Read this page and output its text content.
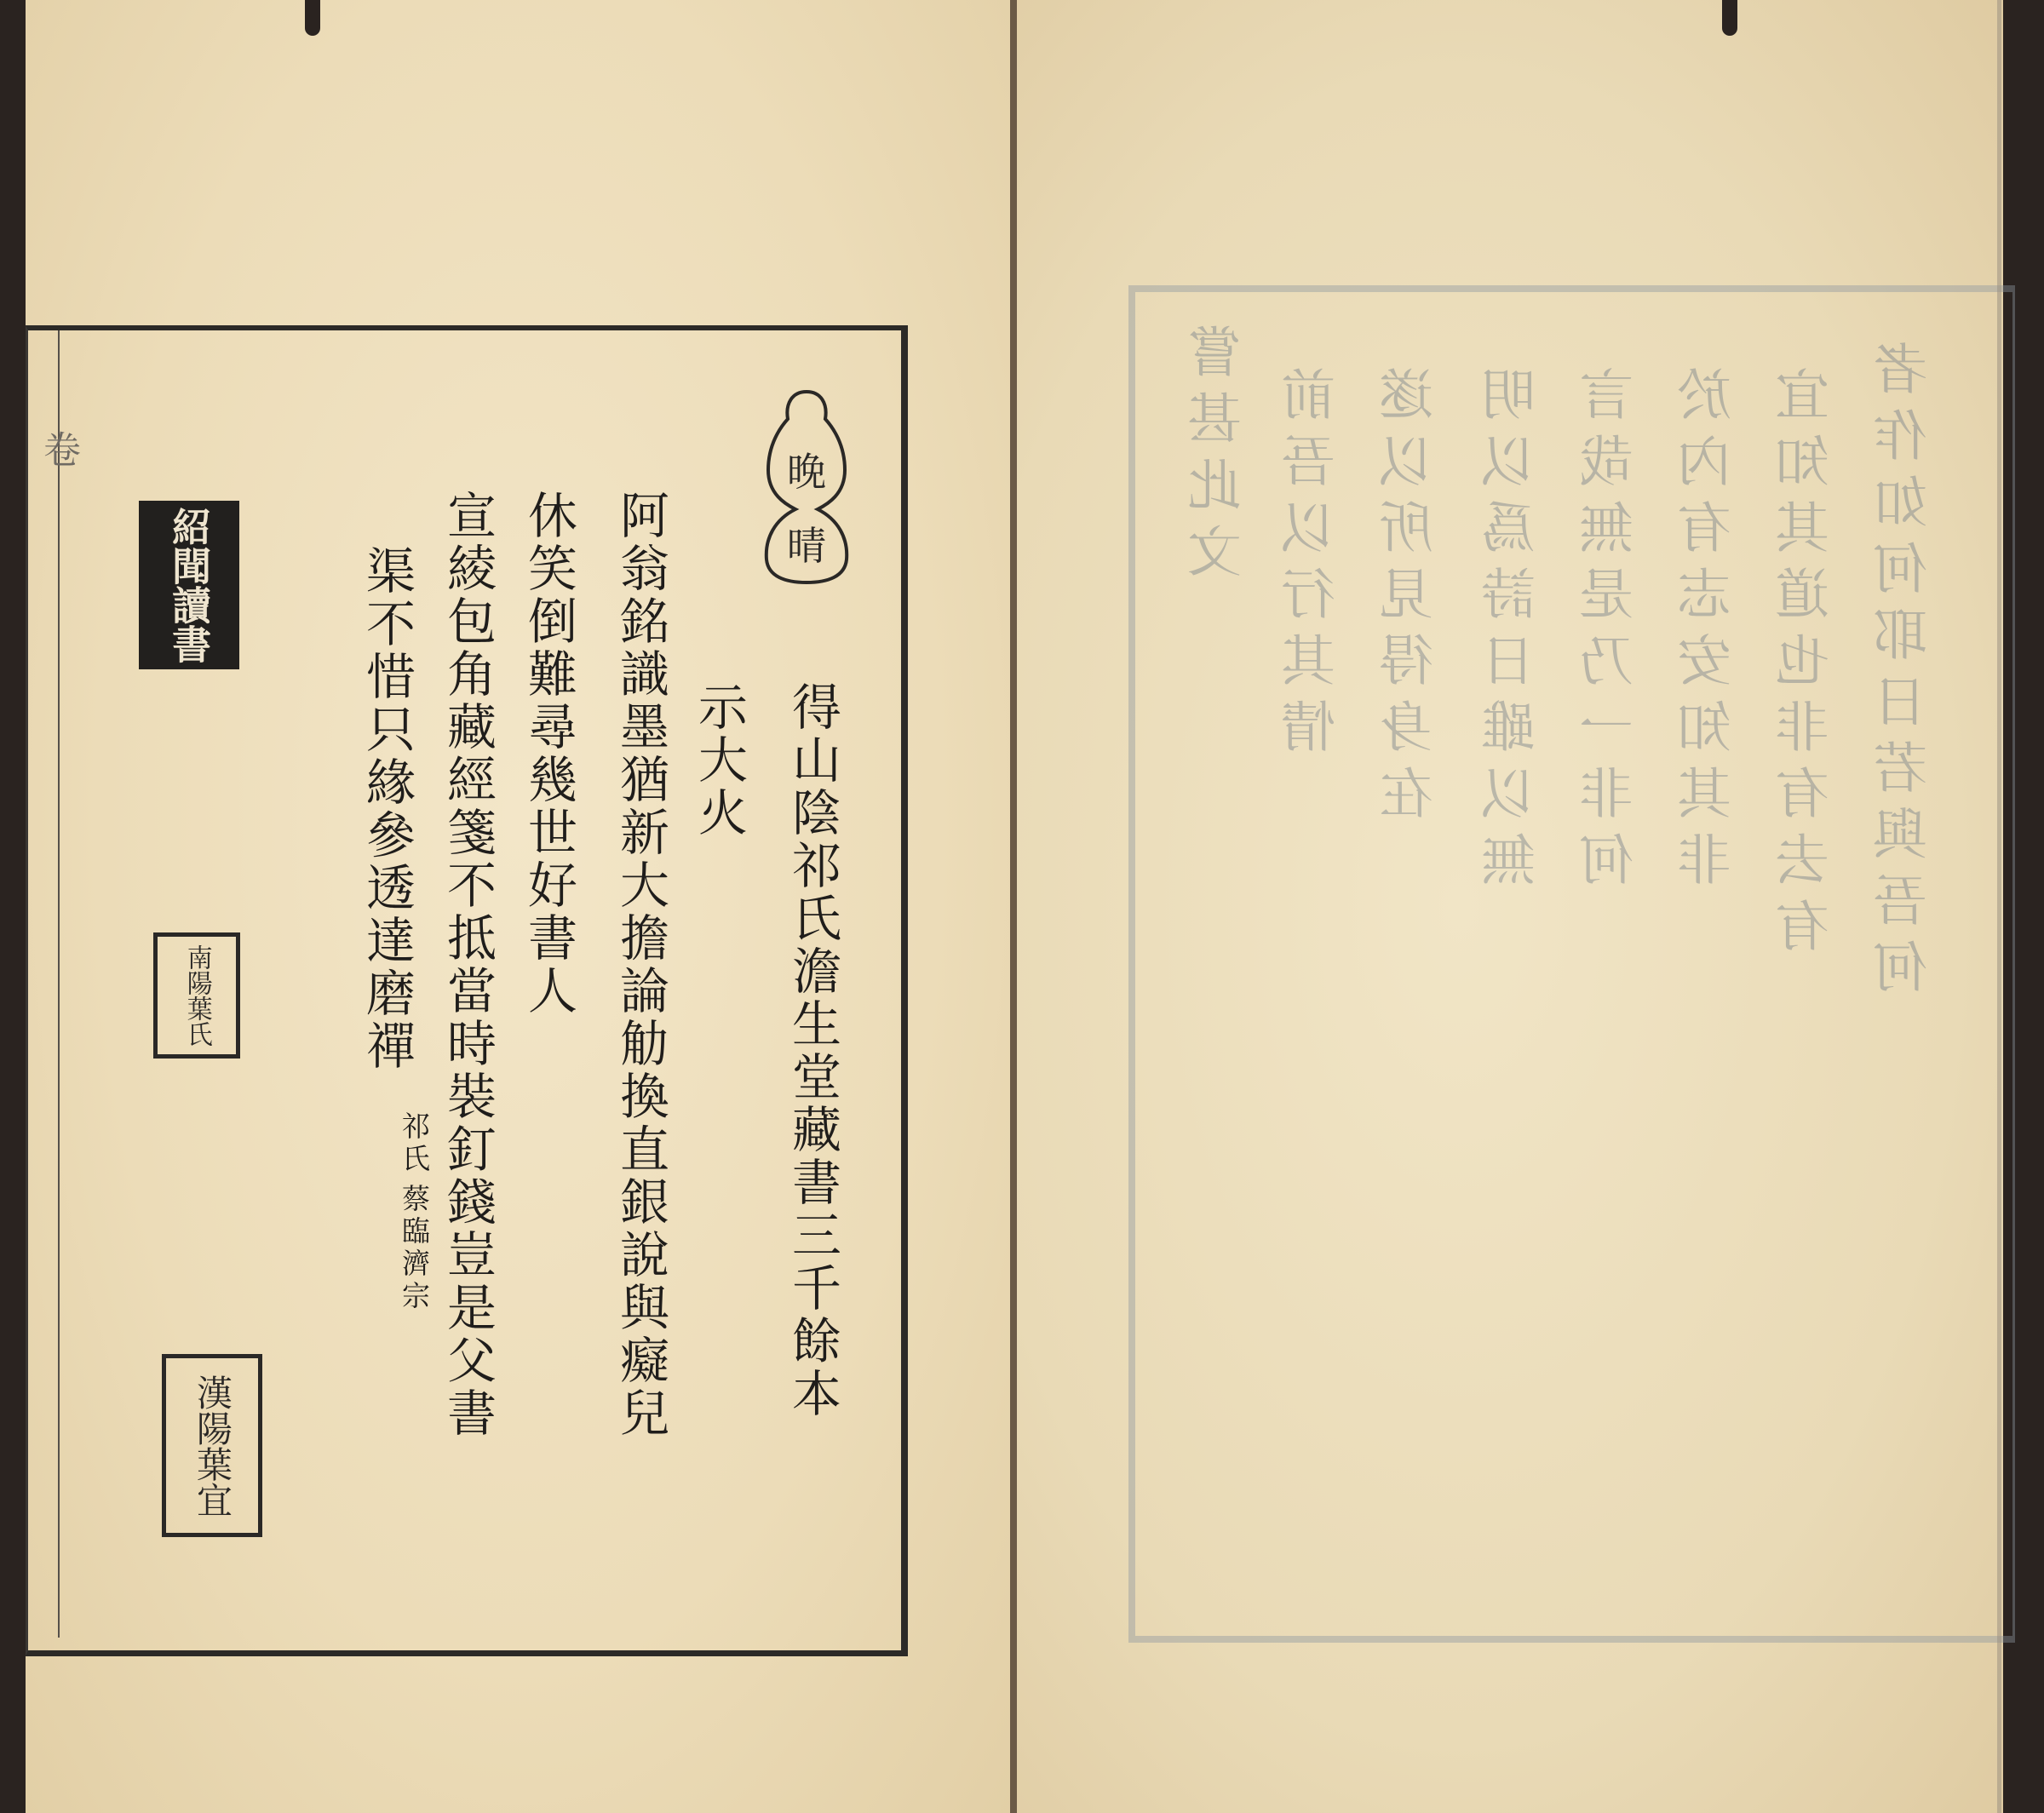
卷	晚
晴
得山陰祁氏澹生堂藏書三千餘本
示大火
阿翁銘識墨猶新大擔論觔換直銀說與癡兒
休笑倒難尋幾世好書人
宣綾包角藏經箋不抵當時裝釘錢豈是父書
渠不惜只緣參透達磨禪
祁氏
蔡臨濟宗
紹聞讀書
南陽葉氏
漢陽葉宜
者作如何耶日若與吾何
宜知其道也非有去有
於內有志安知其非
言哉無是乃一非何
明以爲詩日雖以無
遂以所見得身在
前吾以行其情
嘗甚此文
